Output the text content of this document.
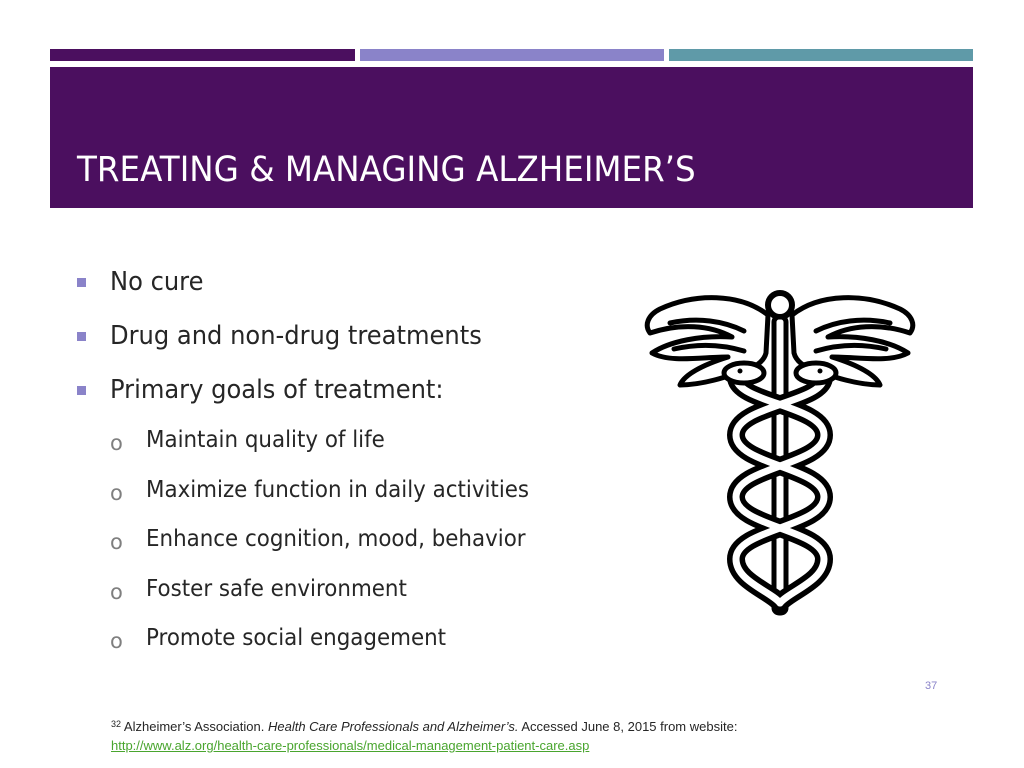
TREATING & MANAGING ALZHEIMER’S
No cure
Drug and non-drug treatments
Primary goals of treatment:
o Maintain quality of life
o Maximize function in daily activities
o Enhance cognition, mood, behavior
o Foster safe environment
o Promote social engagement
37
$^{32}$ Alzheimer’s Association. Health Care Professionals and Alzheimer’s. Accessed June 8, 2015 from website:
http://www.alz.org/health-care-professionals/medical-management-patient-care.asp
